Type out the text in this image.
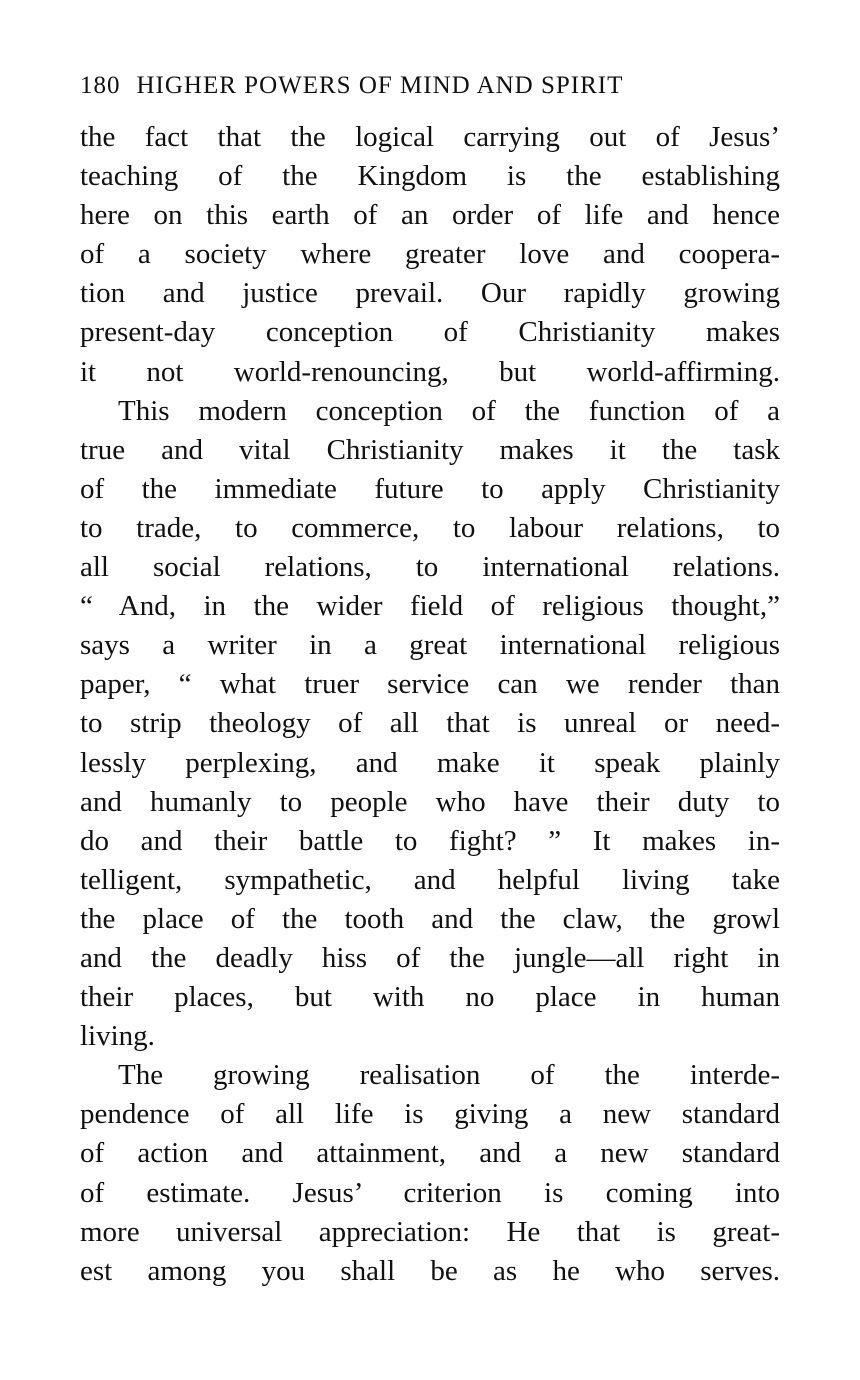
180 HIGHER POWERS OF MIND AND SPIRIT
the fact that the logical carrying out of Jesus’
teaching of the Kingdom is the establishing
here on this earth of an order of life and hence
of a society where greater love and coopera-
tion and justice prevail. Our rapidly growing
present-day conception of Christianity makes
it not world-renouncing, but world-affirming.
This modern conception of the function of a
true and vital Christianity makes it the task
of the immediate future to apply Christianity
to trade, to commerce, to labour relations, to
all social relations, to international relations.
“ And, in the wider field of religious thought,”
says a writer in a great international religious
paper, “ what truer service can we render than
to strip theology of all that is unreal or need-
lessly perplexing, and make it speak plainly
and humanly to people who have their duty to
do and their battle to fight? ” It makes in-
telligent, sympathetic, and helpful living take
the place of the tooth and the claw, the growl
and the deadly hiss of the jungle—all right in
their places, but with no place in human
living.
The growing realisation of the interde-
pendence of all life is giving a new standard
of action and attainment, and a new standard
of estimate. Jesus’ criterion is coming into
more universal appreciation: He that is great-
est among you shall be as he who serves.
